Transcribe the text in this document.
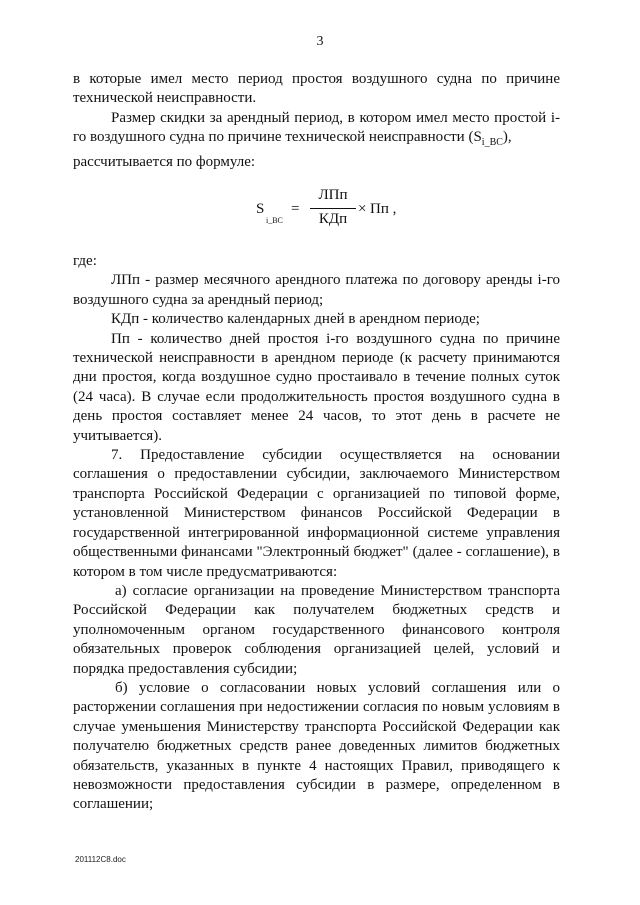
3

в которые имел место период простоя воздушного судна по причине технической неисправности.

Размер скидки за арендный период, в котором имел место простой i-го воздушного судна по причине технической неисправности $(S_{i\_BC})$,

рассчитывается по формуле:

S
i_BC
=
ЛПп
КДп
× Пп ,

где:

ЛПп - размер месячного арендного платежа по договору аренды i-го воздушного судна за арендный период;

КДп - количество календарных дней в арендном периоде;

Пп - количество дней простоя i-го воздушного судна по причине технической неисправности в арендном периоде (к расчету принимаются дни простоя, когда воздушное судно простаивало в течение полных суток (24 часа). В случае если продолжительность простоя воздушного судна в день простоя составляет менее 24 часов, то этот день в расчете не учитывается).

7. Предоставление субсидии осуществляется на основании соглашения о предоставлении субсидии, заключаемого Министерством транспорта Российской Федерации с организацией по типовой форме, установленной Министерством финансов Российской Федерации в государственной интегрированной информационной системе управления общественными финансами "Электронный бюджет" (далее - соглашение), в котором в том числе предусматриваются:

а) согласие организации на проведение Министерством транспорта Российской Федерации как получателем бюджетных средств и уполномоченным органом государственного финансового контроля обязательных проверок соблюдения организацией целей, условий и порядка предоставления субсидии;

б) условие о согласовании новых условий соглашения или о расторжении соглашения при недостижении согласия по новым условиям в случае уменьшения Министерству транспорта Российской Федерации как получателю бюджетных средств ранее доведенных лимитов бюджетных обязательств, указанных в пункте 4 настоящих Правил, приводящего к невозможности предоставления субсидии в размере, определенном в соглашении;

201112C8.doc
